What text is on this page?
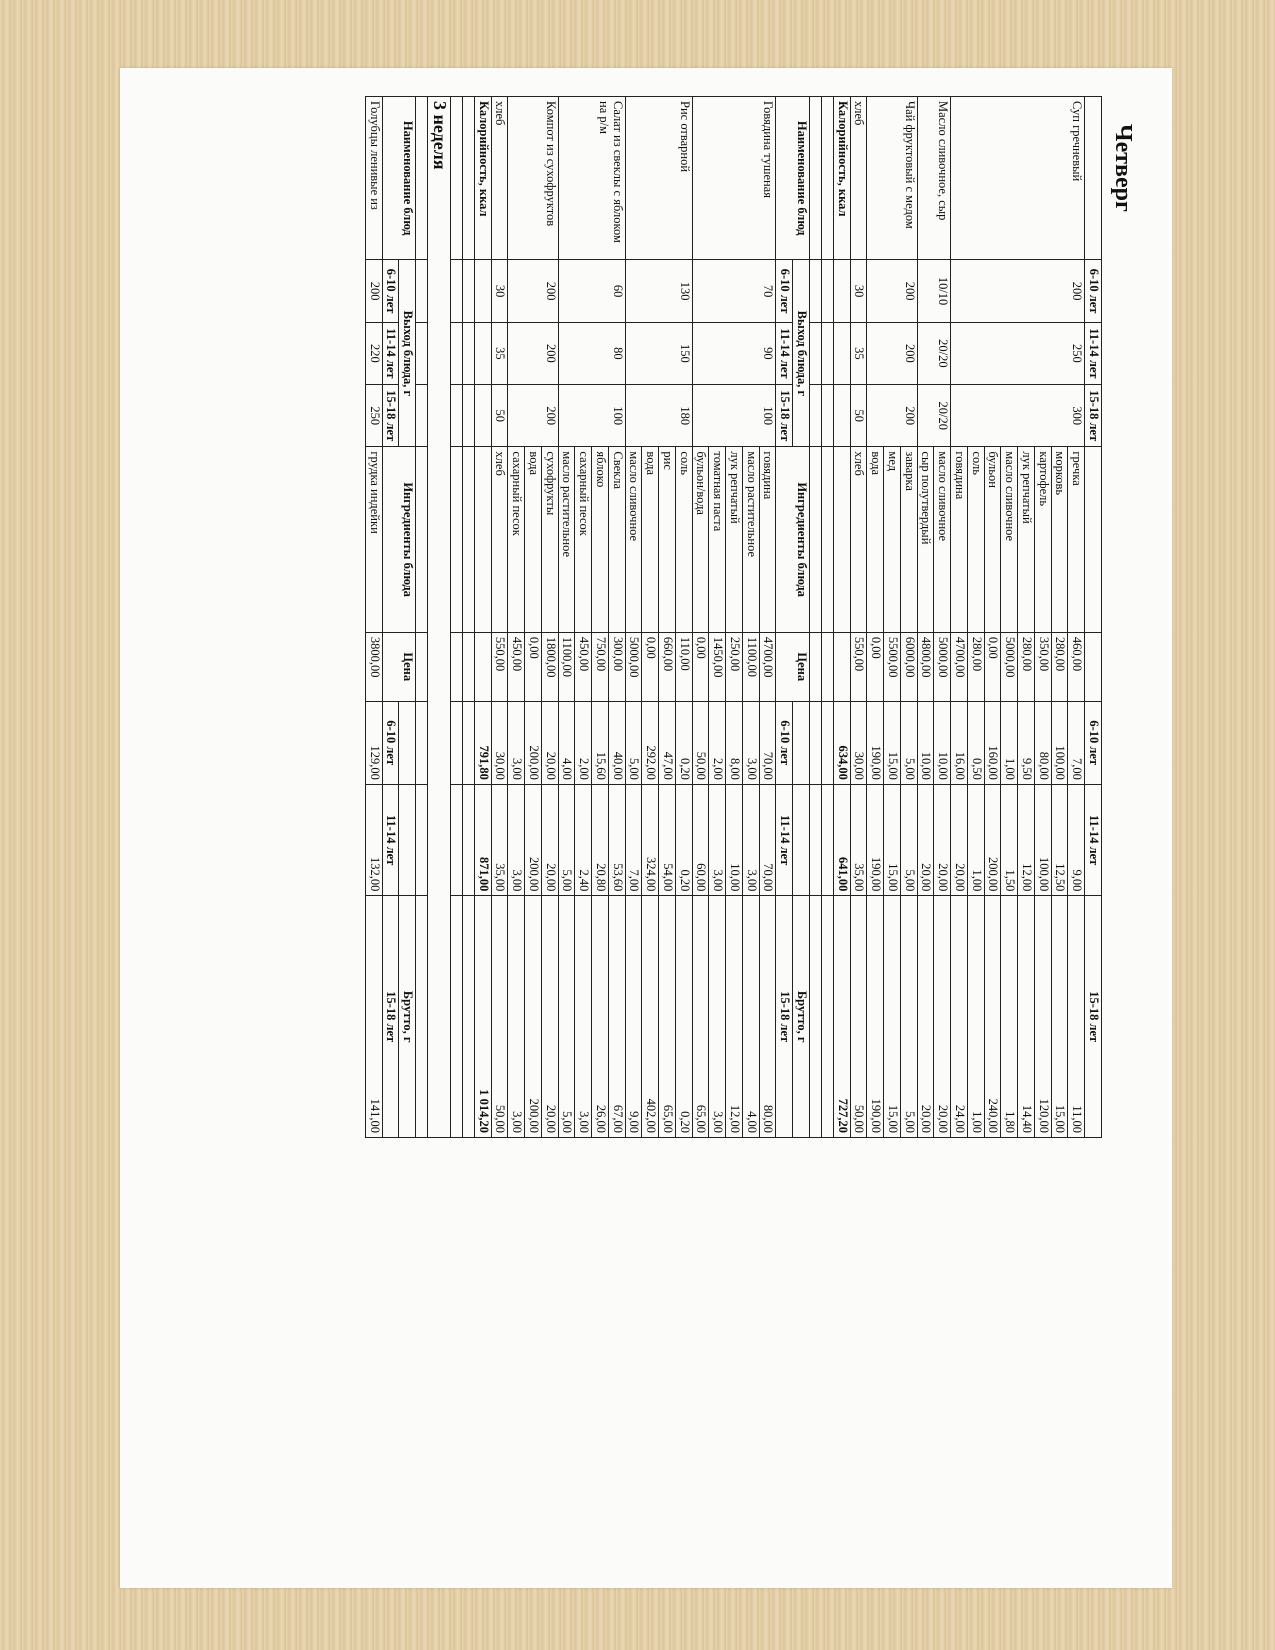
Четверг
	6-10 лет	11-14 лет	15-18 лет			6-10 лет	11-14 лет	15-18 лет
Суп гречневый	200	250	300	гречка	460,00	7,00	9,00	11,00
				морковь	280,00	100,00	12,50	15,00
				картофель	350,00	80,00	100,00	120,00
				лук репчатый	280,00	9,50	12,00	14,40
				масло сливочное	5000,00	1,00	1,50	1,80
				бульон	0,00	160,00	200,00	240,00
				соль	280,00	0,50	1,00	1,00
				говядина	4700,00	16,00	20,00	24,00
Масло сливочное, сыр	10/10	20/20	20/20	масло сливочное	5000,00	10,00	20,00	20,00
				сыр полутвердый	4800,00	10,00	20,00	20,00
Чай фруктовый с медом	200	200	200	заварка	6000,00	5,00	5,00	5,00
				мед	5500,00	15,00	15,00	15,00
				вода	0,00	190,00	190,00	190,00
хлеб	30	35	50	хлеб	550,00	30,00	35,00	50,00
Калорийность, ккал						634,00	641,00	727,20

Наименование блюд	Выход блюда, г			Ингредиенты блюда	Цена			Брутто, г
	6-10 лет	11-14 лет	15-18 лет			6-10 лет	11-14 лет	15-18 лет
Говядина тушеная	70	90	100	говядина	4700,00	70,00	70,00	80,00
				масло растительное	1100,00	3,00	3,00	4,00
				лук репчатый	250,00	8,00	10,00	12,00
				томатная паста	1450,00	2,00	3,00	3,00
				бульон/вода	0,00	50,00	60,00	65,00
Рис отварной	130	150	180	соль	110,00	0,20	0,20	0,20
				рис	660,00	47,00	54,00	65,00
				вода	0,00	292,00	324,00	402,00
				масло сливочное	5000,00	5,00	7,00	9,00
Салат из свеклы с яблоком на р/м	60	80	100	Свекла	300,00	40,00	53,60	67,00
				яблоко	750,00	15,60	20,80	26,00
				сахарный песок	450,00	2,00	2,40	3,00
				масло растительное	1100,00	4,00	5,00	5,00
Компот из сухофруктов	200	200	200	сухофрукты	1800,00	20,00	20,00	20,00
				вода	0,00	200,00	200,00	200,00
				сахарный песок	450,00	3,00	3,00	3,00
хлеб	30	35	50	хлеб	550,00	30,00	35,00	50,00
Калорийность, ккал						791,80	871,00	1 014,20

3 неделя								

Наименование блюд	Выход блюда, г			Ингредиенты блюда	Цена			Брутто, г
	6-10 лет	11-14 лет	15-18 лет			6-10 лет	11-14 лет	15-18 лет
Голубцы ленивые из	200	220	250	грудка индейки	3800,00	129,00	132,00	141,00
